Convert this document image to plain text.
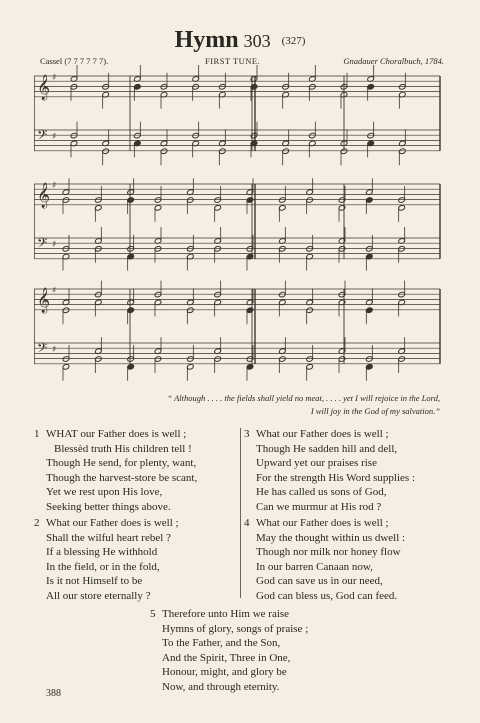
Hymn 303 (327)
Cassel (7 7 7 7 7 7).	FIRST TUNE.	Gnadauer Choralbuch, 1784.
𝄞 ♯
𝄢 ♯
𝄞 ♯
𝄢 ♯
𝄞 ♯
𝄢 ♯
“ Although . . . . the fields shall yield no meat, . . . . yet I will rejoice in the Lord,
I will joy in the God of my salvation.”
1 WHAT our Father does is well ;
Blessèd truth His children tell !
Though He send, for plenty, want,
Though the harvest-store be scant,
Yet we rest upon His love,
Seeking better things above.
2 What our Father does is well ;
Shall the wilful heart rebel ?
If a blessing He withhold
In the field, or in the fold,
Is it not Himself to be
All our store eternally ?
3 What our Father does is well ;
Though He sadden hill and dell,
Upward yet our praises rise
For the strength His Word supplies :
He has called us sons of God,
Can we murmur at His rod ?
4 What our Father does is well ;
May the thought within us dwell :
Though nor milk nor honey flow
In our barren Canaan now,
God can save us in our need,
God can bless us, God can feed.
5 Therefore unto Him we raise
Hymns of glory, songs of praise ;
To the Father, and the Son,
And the Spirit, Three in One,
Honour, might, and glory be
Now, and through eternity.
388
